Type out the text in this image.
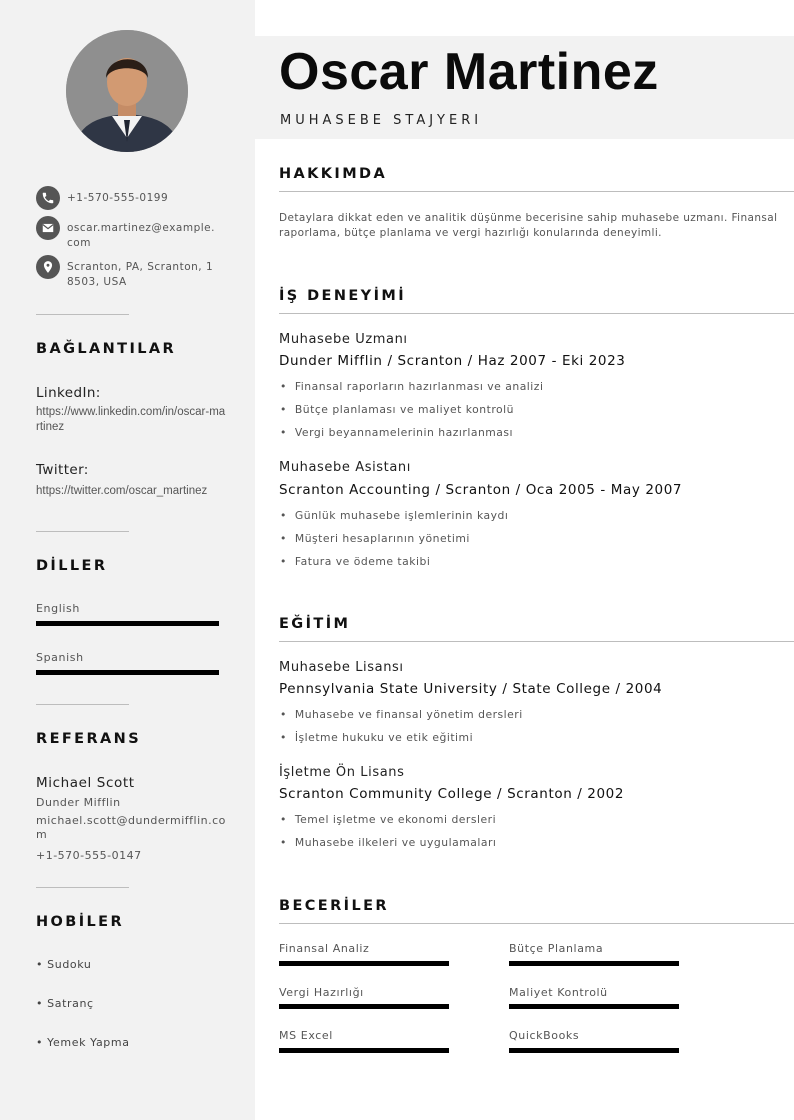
+1-570-555-0199
oscar.martinez@example.com
Scranton, PA, Scranton, 18503, USA
BAĞLANTILAR
LinkedIn:
https://www.linkedin.com/in/oscar-martinez
Twitter:
https://twitter.com/oscar_martinez
DİLLER
English
Spanish
REFERANS
Michael Scott
Dunder Mifflin
michael.scott@dundermifflin.com
+1-570-555-0147
HOBİLER
• Sudoku
• Satranç
• Yemek Yapma
Oscar Martinez
MUHASEBE STAJYERI
HAKKIMDA
Detaylara dikkat eden ve analitik düşünme becerisine sahip muhasebe uzmanı. Finansal raporlama, bütçe planlama ve vergi hazırlığı konularında deneyimli.
İŞ DENEYİMİ
Muhasebe Uzmanı
Dunder Mifflin / Scranton / Haz 2007 - Eki 2023
• Finansal raporların hazırlanması ve analizi
• Bütçe planlaması ve maliyet kontrolü
• Vergi beyannamelerinin hazırlanması
Muhasebe Asistanı
Scranton Accounting / Scranton / Oca 2005 - May 2007
• Günlük muhasebe işlemlerinin kaydı
• Müşteri hesaplarının yönetimi
• Fatura ve ödeme takibi
EĞİTİM
Muhasebe Lisansı
Pennsylvania State University / State College / 2004
• Muhasebe ve finansal yönetim dersleri
• İşletme hukuku ve etik eğitimi
İşletme Ön Lisans
Scranton Community College / Scranton / 2002
• Temel işletme ve ekonomi dersleri
• Muhasebe ilkeleri ve uygulamaları
BECERİLER
Finansal Analiz	Bütçe Planlama
Vergi Hazırlığı	Maliyet Kontrolü
MS Excel	QuickBooks
